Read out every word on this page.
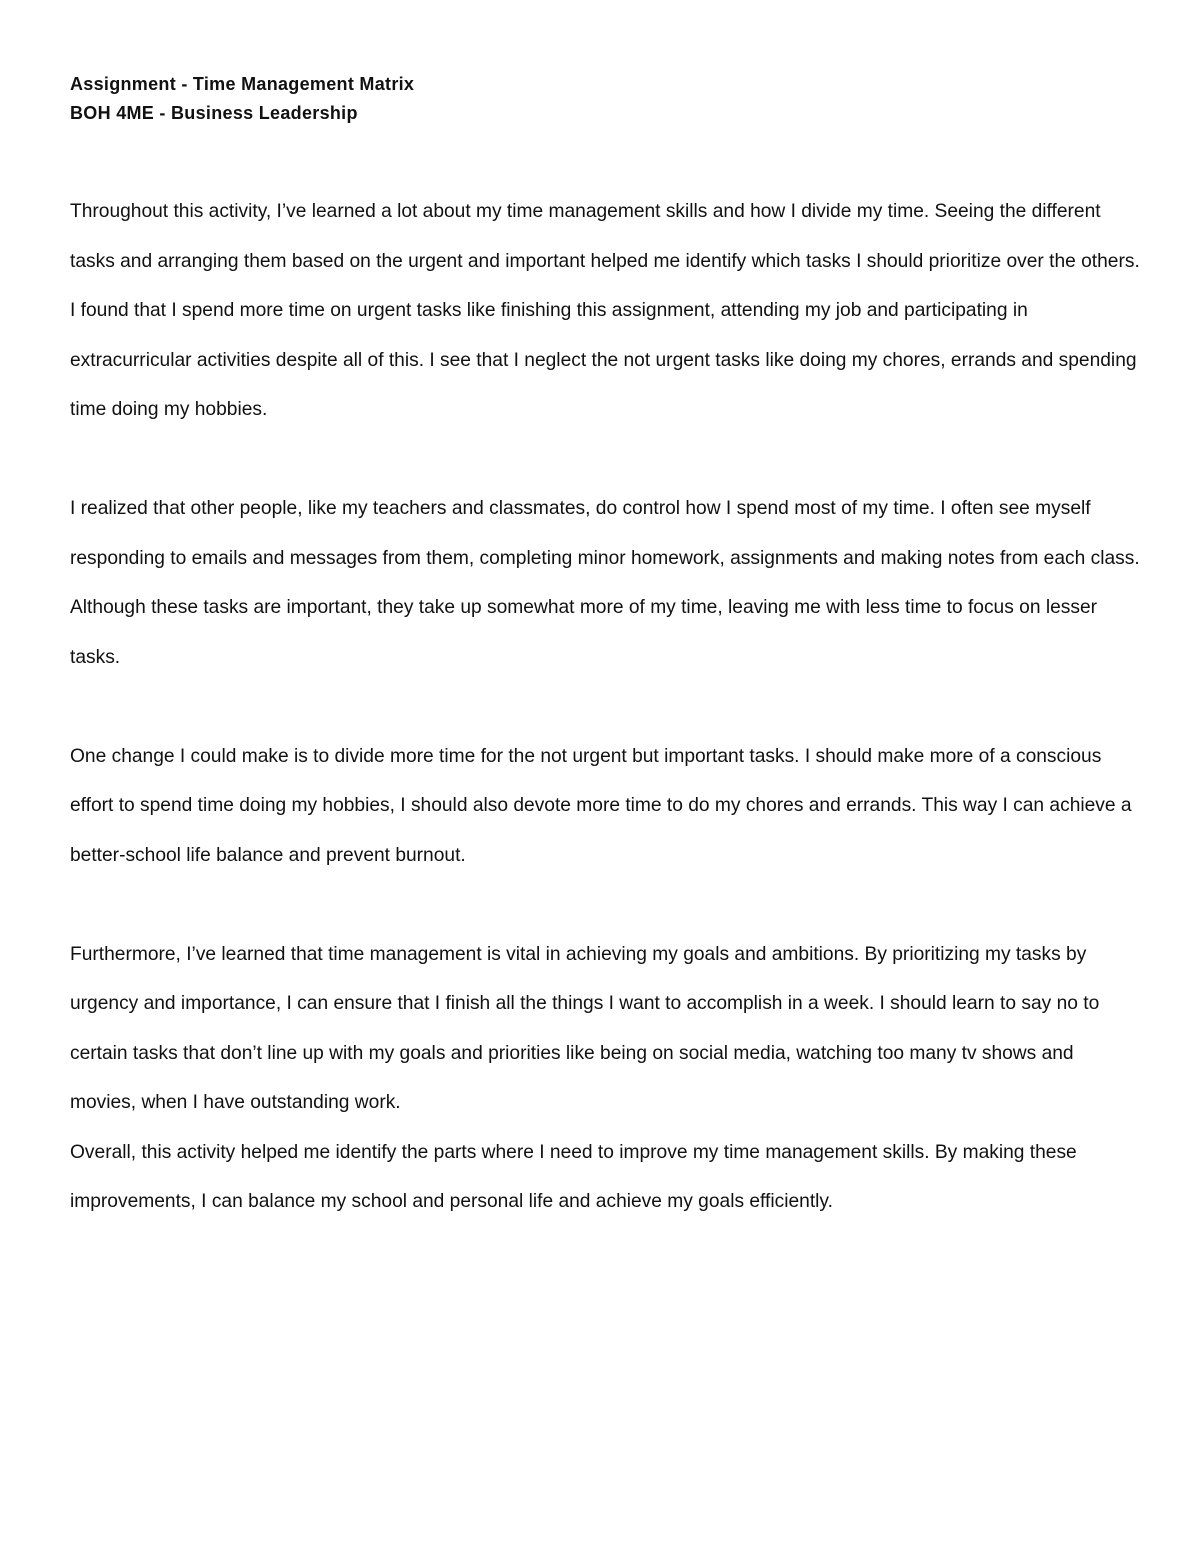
Assignment - Time Management Matrix

BOH 4ME - Business Leadership

Throughout this activity, I’ve learned a lot about my time management skills and how I divide my time. Seeing the different tasks and arranging them based on the urgent and important helped me identify which tasks I should prioritize over the others. I found that I spend more time on urgent tasks like finishing this assignment, attending my job and participating in extracurricular activities despite all of this. I see that I neglect the not urgent tasks like doing my chores, errands and spending time doing my hobbies.

I realized that other people, like my teachers and classmates, do control how I spend most of my time. I often see myself responding to emails and messages from them, completing minor homework, assignments and making notes from each class. Although these tasks are important, they take up somewhat more of my time, leaving me with less time to focus on lesser tasks.

One change I could make is to divide more time for the not urgent but important tasks. I should make more of a conscious effort to spend time doing my hobbies, I should also devote more time to do my chores and errands. This way I can achieve a better-school life balance and prevent burnout.

Furthermore, I’ve learned that time management is vital in achieving my goals and ambitions. By prioritizing my tasks by urgency and importance, I can ensure that I finish all the things I want to accomplish in a week. I should learn to say no to certain tasks that don’t line up with my goals and priorities like being on social media, watching too many tv shows and movies, when I have outstanding work.

Overall, this activity helped me identify the parts where I need to improve my time management skills. By making these improvements, I can balance my school and personal life and achieve my goals efficiently.
